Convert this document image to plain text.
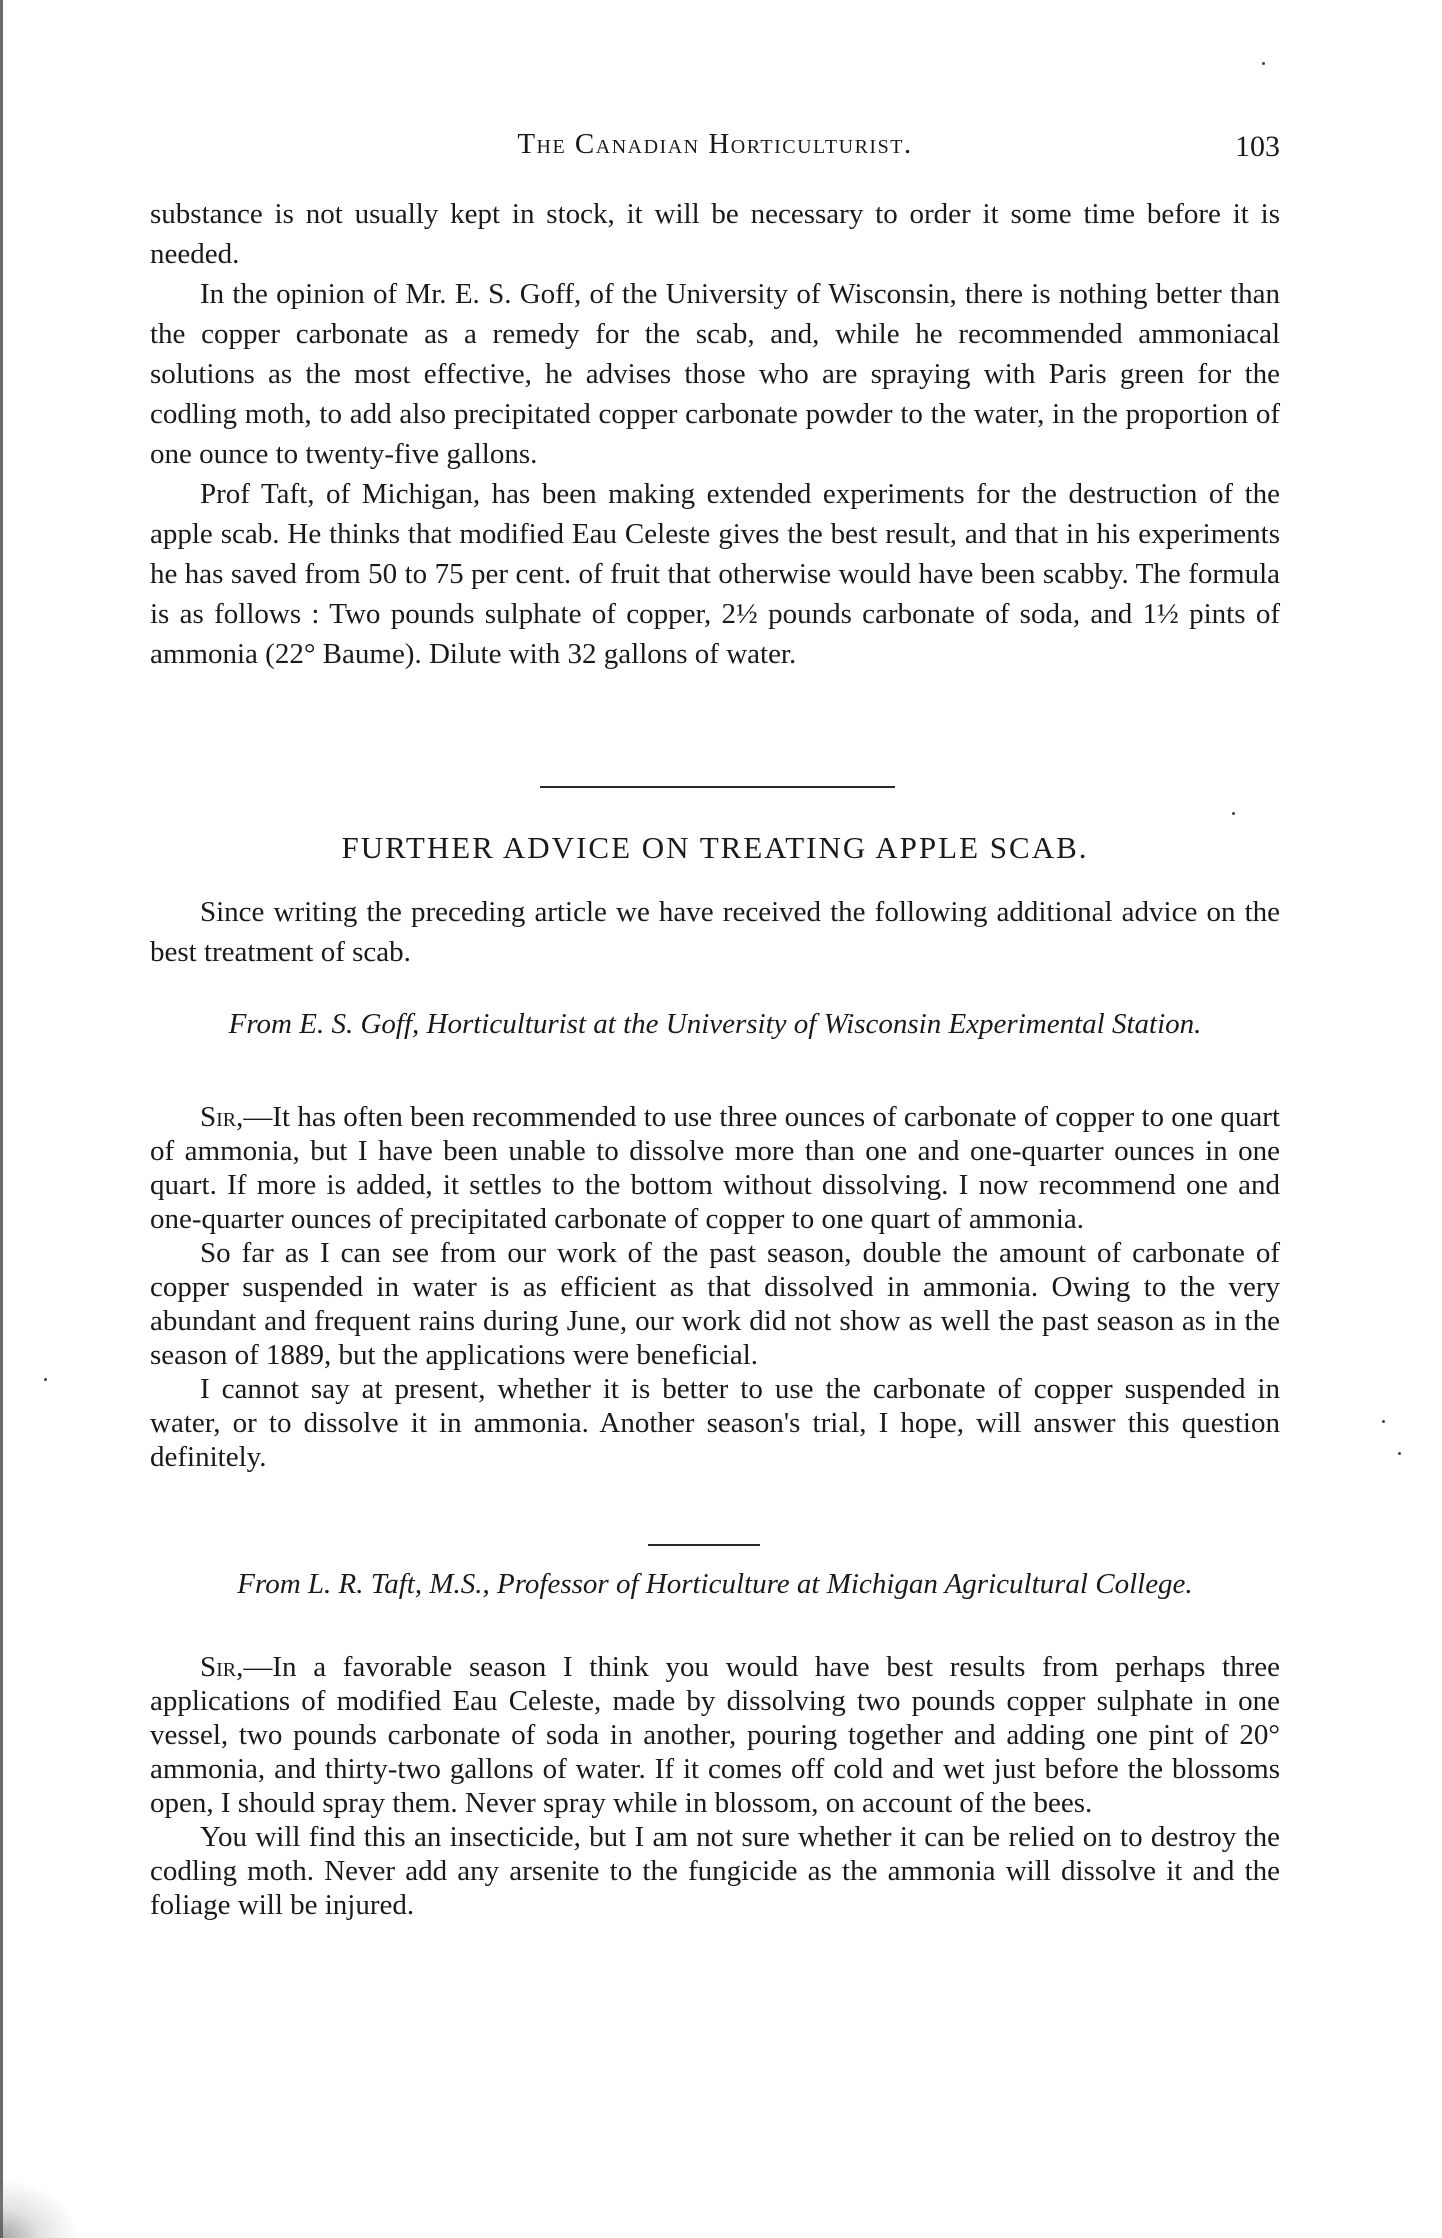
The Canadian Horticulturist.	103

substance is not usually kept in stock, it will be necessary to order it some time before it is needed.

In the opinion of Mr. E. S. Goff, of the University of Wisconsin, there is nothing better than the copper carbonate as a remedy for the scab, and, while he recommended ammoniacal solutions as the most effective, he advises those who are spraying with Paris green for the codling moth, to add also precipitated copper carbonate powder to the water, in the proportion of one ounce to twenty-five gallons.

Prof Taft, of Michigan, has been making extended experiments for the destruction of the apple scab. He thinks that modified Eau Celeste gives the best result, and that in his experiments he has saved from 50 to 75 per cent. of fruit that otherwise would have been scabby. The formula is as follows : Two pounds sulphate of copper, 2½ pounds carbonate of soda, and 1½ pints of ammonia (22° Baume). Dilute with 32 gallons of water.

FURTHER ADVICE ON TREATING APPLE SCAB.

Since writing the preceding article we have received the following additional advice on the best treatment of scab.

From E. S. Goff, Horticulturist at the University of Wisconsin Experimental Station.

Sir,—It has often been recommended to use three ounces of carbonate of copper to one quart of ammonia, but I have been unable to dissolve more than one and one-quarter ounces in one quart. If more is added, it settles to the bottom without dissolving. I now recommend one and one-quarter ounces of precipitated carbonate of copper to one quart of ammonia.

So far as I can see from our work of the past season, double the amount of carbonate of copper suspended in water is as efficient as that dissolved in ammonia. Owing to the very abundant and frequent rains during June, our work did not show as well the past season as in the season of 1889, but the applications were beneficial.

I cannot say at present, whether it is better to use the carbonate of copper suspended in water, or to dissolve it in ammonia. Another season's trial, I hope, will answer this question definitely.

From L. R. Taft, M.S., Professor of Horticulture at Michigan Agricultural College.

Sir,—In a favorable season I think you would have best results from perhaps three applications of modified Eau Celeste, made by dissolving two pounds copper sulphate in one vessel, two pounds carbonate of soda in another, pouring together and adding one pint of 20° ammonia, and thirty-two gallons of water. If it comes off cold and wet just before the blossoms open, I should spray them. Never spray while in blossom, on account of the bees.

You will find this an insecticide, but I am not sure whether it can be relied on to destroy the codling moth. Never add any arsenite to the fungicide as the ammonia will dissolve it and the foliage will be injured.
